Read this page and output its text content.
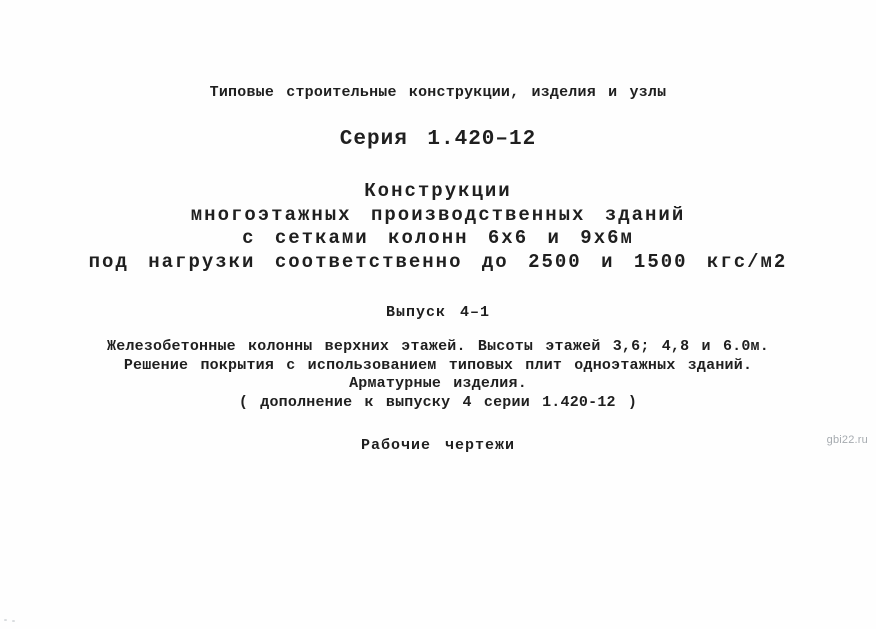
Типовые строительные конструкции, изделия и узлы
Серия 1.420–12
Конструкции
многоэтажных производственных зданий
с сетками колонн 6х6 и 9х6м
под нагрузки соответственно до 2500 и 1500 кгс/м2
Выпуск 4–1
Железобетонные колонны верхних этажей. Высоты этажей 3,6; 4,8 и 6.0м.
Решение покрытия с использованием типовых плит одноэтажных зданий.
Арматурные изделия.
( дополнение к выпуску 4 серии 1.420-12 )
Рабочие чертежи	gbi22.ru
